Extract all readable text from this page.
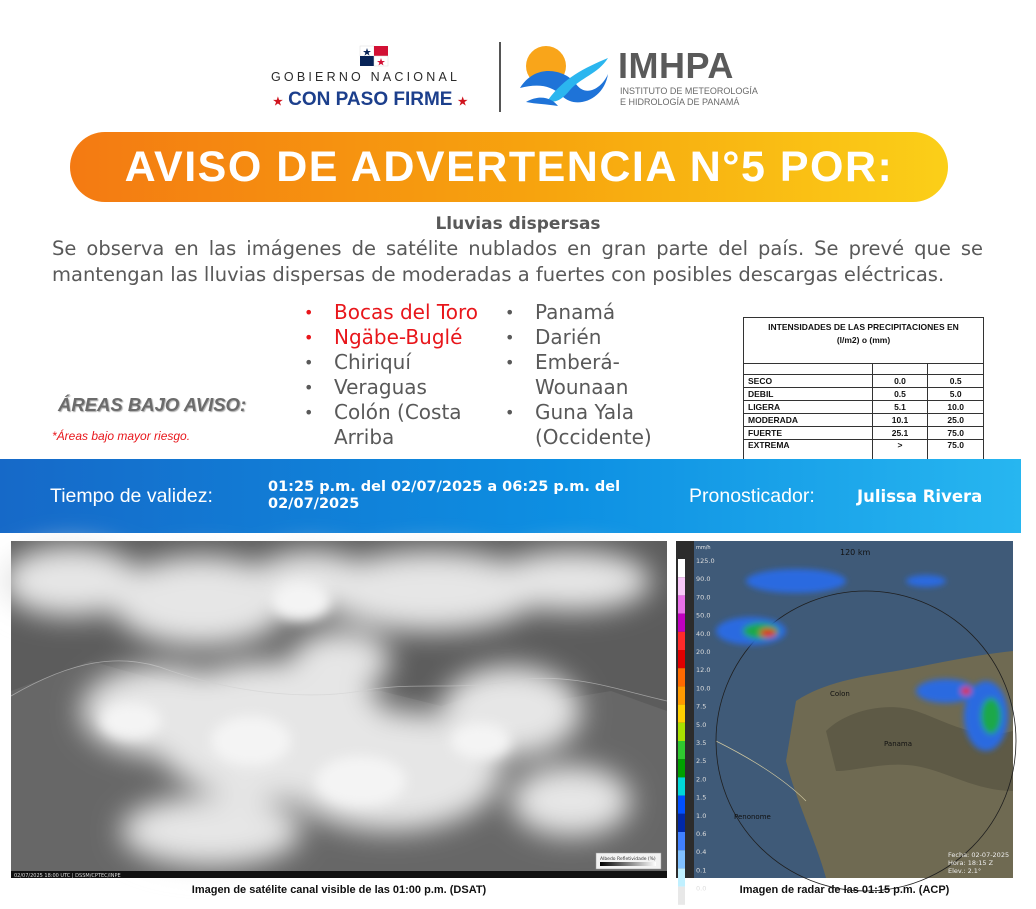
GOBIERNO NACIONAL
★ CON PASO FIRME ★
IMHPA
INSTITUTO DE METEOROLOGÍA
E HIDROLOGÍA DE PANAMÁ
AVISO DE ADVERTENCIA N°5 POR:
Lluvias dispersas
Se observa en las imágenes de satélite nublados en gran parte del país. Se prevé que se mantengan las lluvias dispersas de moderadas a fuertes con posibles descargas eléctricas.
• Bocas del Toro
• Ngäbe-Buglé
• Chiriquí
• Veraguas
• Colón (Costa Arriba
• Panamá
• Darién
• Emberá-Wounaan
• Guna Yala (Occidente)
ÁREAS BAJO AVISO:
*Áreas bajo mayor riesgo.
INTENSIDADES DE LAS PRECIPITACIONES EN
(l/m2) o (mm)		

SECO	0.0	0.5
DEBIL	0.5	5.0
LIGERA	5.1	10.0
MODERADA	10.1	25.0
FUERTE	25.1	75.0
EXTREMA	>	75.0
Tiempo de validez:	01:25 p.m. del 02/07/2025 a 06:25 p.m. del 02/07/2025	Pronosticador:	Julissa Rivera
02/07/2025 18:00 UTC | DSSM/CPTEC/INPE
Albedo Refletividade (%)
Imagen de satélite canal visible de las 01:00 p.m. (DSAT)
120 km
Colon
Panama
Penonome
Fecha: 02-07-2025
Hora: 18:15 Z
Elev.: 2.1°
mm/h
125.0
90.0
70.0
50.0
40.0
20.0
12.0
10.0
7.5
5.0
3.5
2.5
2.0
1.5
1.0
0.6
0.4
0.1
0.0	Imagen de radar de las 01:15 p.m. (ACP)
